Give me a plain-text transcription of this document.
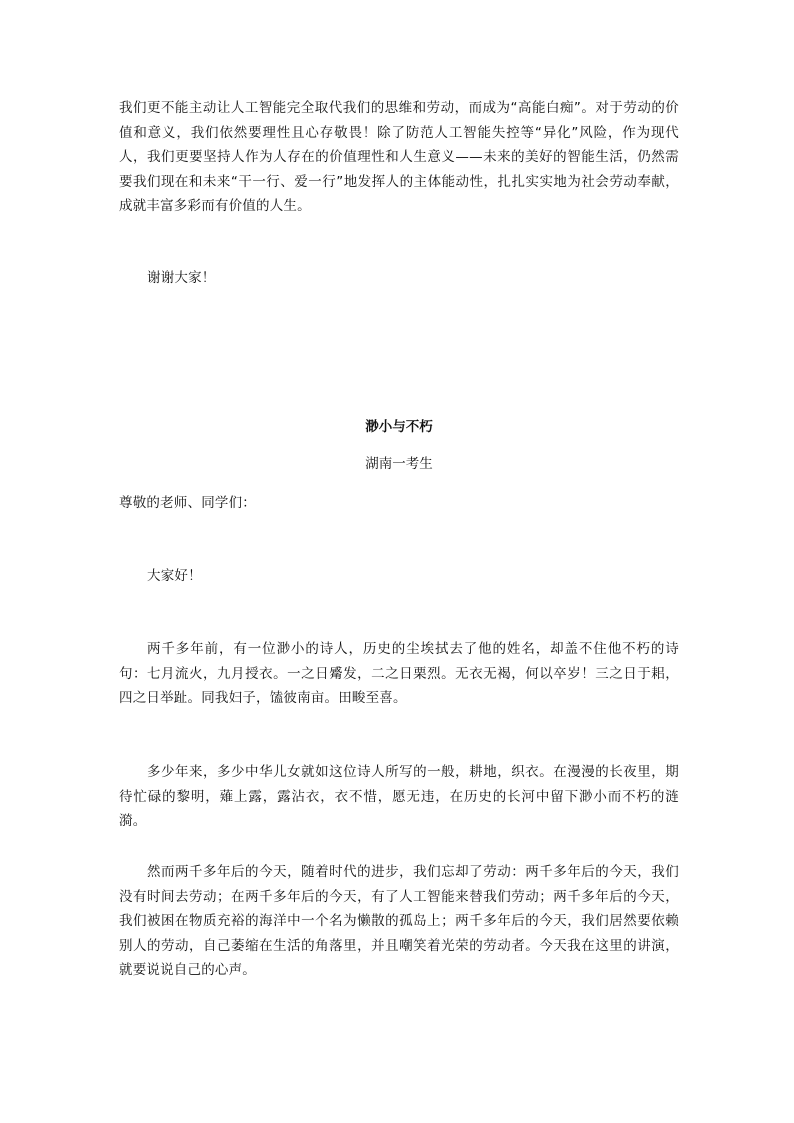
我们更不能主动让人工智能完全取代我们的思维和劳动，而成为“高能白痴”。对于劳动的价值和意义，我们依然要理性且心存敬畏！除了防范人工智能失控等“异化”风险，作为现代人，我们更要坚持人作为人存在的价值理性和人生意义——未来的美好的智能生活，仍然需要我们现在和未来“干一行、爱一行”地发挥人的主体能动性，扎扎实实地为社会劳动奉献，成就丰富多彩而有价值的人生。

谢谢大家！

渺小与不朽

湖南一考生

尊敬的老师、同学们：

大家好！

两千多年前，有一位渺小的诗人，历史的尘埃拭去了他的姓名，却盖不住他不朽的诗句：七月流火，九月授衣。一之日觱发，二之日栗烈。无衣无褐，何以卒岁！三之日于耜，四之日举趾。同我妇子，馌彼南亩。田畯至喜。

多少年来，多少中华儿女就如这位诗人所写的一般，耕地，织衣。在漫漫的长夜里，期待忙碌的黎明，薙上露，露沾衣，衣不惜，愿无违，在历史的长河中留下渺小而不朽的涟漪。

然而两千多年后的今天，随着时代的进步，我们忘却了劳动：两千多年后的今天，我们没有时间去劳动；在两千多年后的今天，有了人工智能来替我们劳动；两千多年后的今天，我们被困在物质充裕的海洋中一个名为懒散的孤岛上；两千多年后的今天，我们居然要依赖别人的劳动，自己萎缩在生活的角落里，并且嘲笑着光荣的劳动者。今天我在这里的讲演，就要说说自己的心声。
